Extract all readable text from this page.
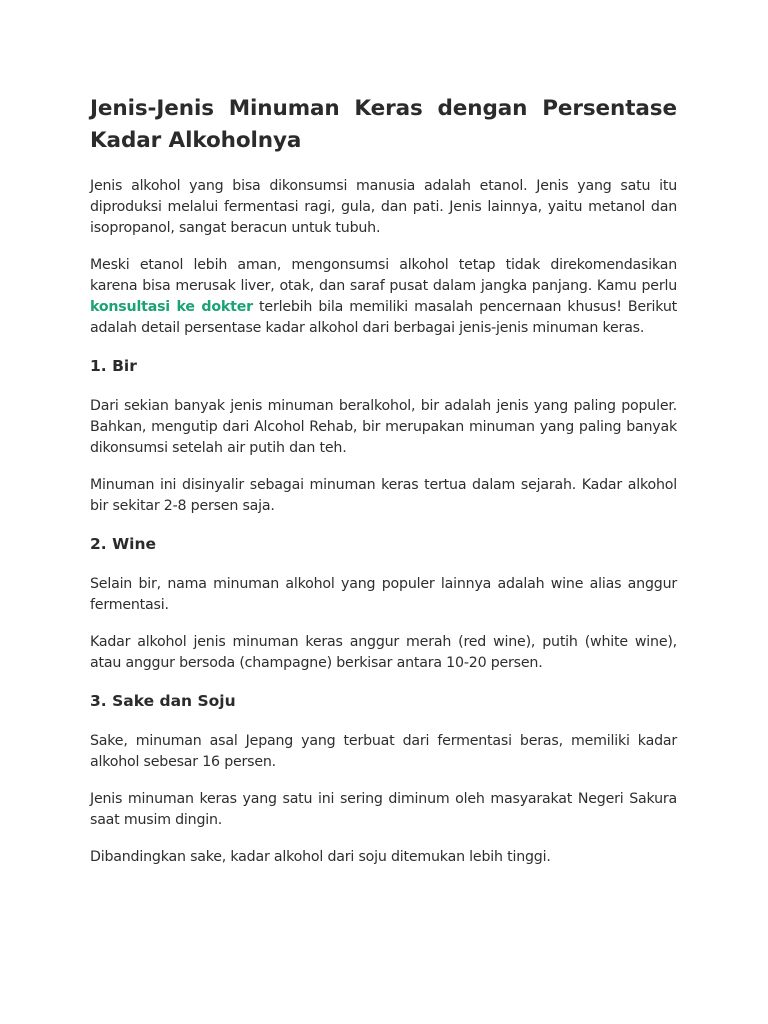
Jenis-Jenis Minuman Keras dengan Persentase Kadar Alkoholnya

Jenis alkohol yang bisa dikonsumsi manusia adalah etanol. Jenis yang satu itu diproduksi melalui fermentasi ragi, gula, dan pati. Jenis lainnya, yaitu metanol dan isopropanol, sangat beracun untuk tubuh.

Meski etanol lebih aman, mengonsumsi alkohol tetap tidak direkomendasikan karena bisa merusak liver, otak, dan saraf pusat dalam jangka panjang. Kamu perlu konsultasi ke dokter terlebih bila memiliki masalah pencernaan khusus! Berikut adalah detail persentase kadar alkohol dari berbagai jenis-jenis minuman keras.

1. Bir

Dari sekian banyak jenis minuman beralkohol, bir adalah jenis yang paling populer. Bahkan, mengutip dari Alcohol Rehab, bir merupakan minuman yang paling banyak dikonsumsi setelah air putih dan teh.

Minuman ini disinyalir sebagai minuman keras tertua dalam sejarah. Kadar alkohol bir sekitar 2-8 persen saja.

2. Wine

Selain bir, nama minuman alkohol yang populer lainnya adalah wine alias anggur fermentasi.

Kadar alkohol jenis minuman keras anggur merah (red wine), putih (white wine), atau anggur bersoda (champagne) berkisar antara 10-20 persen.

3. Sake dan Soju

Sake, minuman asal Jepang yang terbuat dari fermentasi beras, memiliki kadar alkohol sebesar 16 persen.

Jenis minuman keras yang satu ini sering diminum oleh masyarakat Negeri Sakura saat musim dingin.

Dibandingkan sake, kadar alkohol dari soju ditemukan lebih tinggi.
